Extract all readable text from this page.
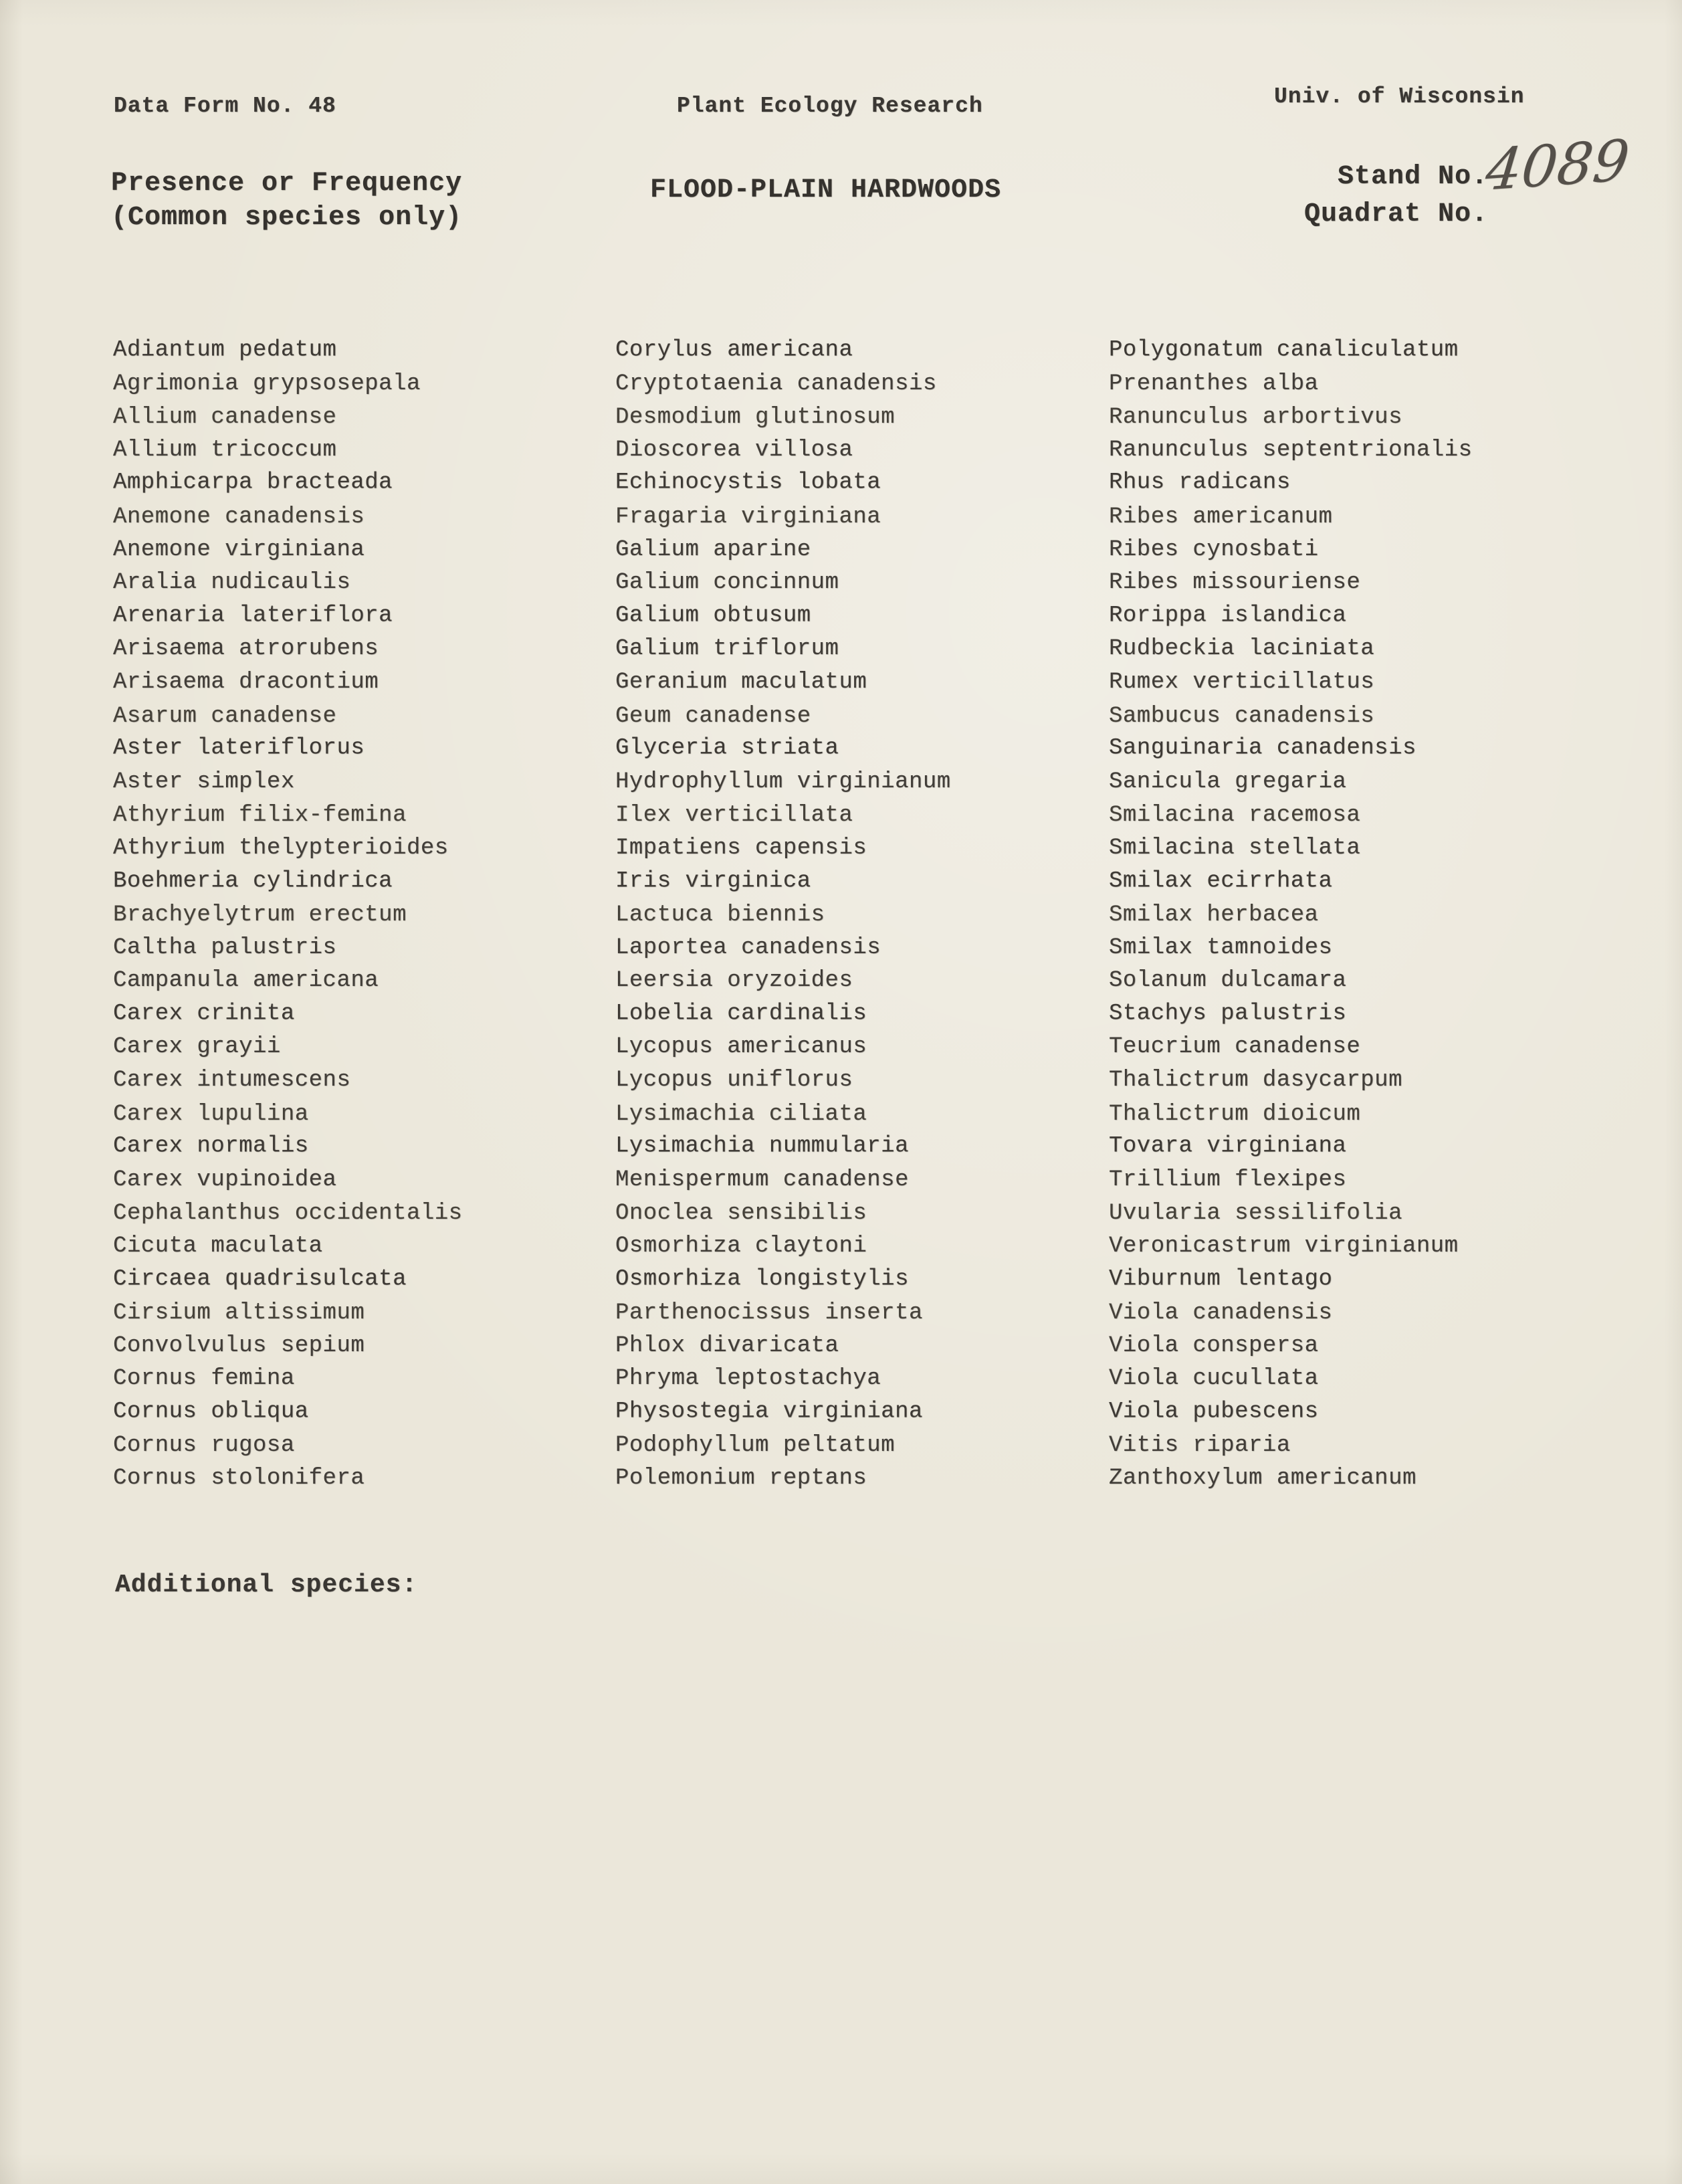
Data Form No. 48	Plant Ecology Research	Univ. of Wisconsin
Presence or Frequency
(Common species only)
FLOOD-PLAIN HARDWOODS	Stand No.
4089
Quadrat No.
Adiantum pedatum
Agrimonia grypsosepala
Allium canadense
Allium tricoccum
Amphicarpa bracteada
Anemone canadensis
Anemone virginiana
Aralia nudicaulis
Arenaria lateriflora
Arisaema atrorubens
Arisaema dracontium
Asarum canadense
Aster lateriflorus
Aster simplex
Athyrium filix-femina
Athyrium thelypterioides
Boehmeria cylindrica
Brachyelytrum erectum
Caltha palustris
Campanula americana
Carex crinita
Carex grayii
Carex intumescens
Carex lupulina
Carex normalis
Carex vupinoidea
Cephalanthus occidentalis
Cicuta maculata
Circaea quadrisulcata
Cirsium altissimum
Convolvulus sepium
Cornus femina
Cornus obliqua
Cornus rugosa
Cornus stolonifera
Corylus americana
Cryptotaenia canadensis
Desmodium glutinosum
Dioscorea villosa
Echinocystis lobata
Fragaria virginiana
Galium aparine
Galium concinnum
Galium obtusum
Galium triflorum
Geranium maculatum
Geum canadense
Glyceria striata
Hydrophyllum virginianum
Ilex verticillata
Impatiens capensis
Iris virginica
Lactuca biennis
Laportea canadensis
Leersia oryzoides
Lobelia cardinalis
Lycopus americanus
Lycopus uniflorus
Lysimachia ciliata
Lysimachia nummularia
Menispermum canadense
Onoclea sensibilis
Osmorhiza claytoni
Osmorhiza longistylis
Parthenocissus inserta
Phlox divaricata
Phryma leptostachya
Physostegia virginiana
Podophyllum peltatum
Polemonium reptans
Polygonatum canaliculatum
Prenanthes alba
Ranunculus arbortivus
Ranunculus septentrionalis
Rhus radicans
Ribes americanum
Ribes cynosbati
Ribes missouriense
Rorippa islandica
Rudbeckia laciniata
Rumex verticillatus
Sambucus canadensis
Sanguinaria canadensis
Sanicula gregaria
Smilacina racemosa
Smilacina stellata
Smilax ecirrhata
Smilax herbacea
Smilax tamnoides
Solanum dulcamara
Stachys palustris
Teucrium canadense
Thalictrum dasycarpum
Thalictrum dioicum
Tovara virginiana
Trillium flexipes
Uvularia sessilifolia
Veronicastrum virginianum
Viburnum lentago
Viola canadensis
Viola conspersa
Viola cucullata
Viola pubescens
Vitis riparia
Zanthoxylum americanum
Additional species:
